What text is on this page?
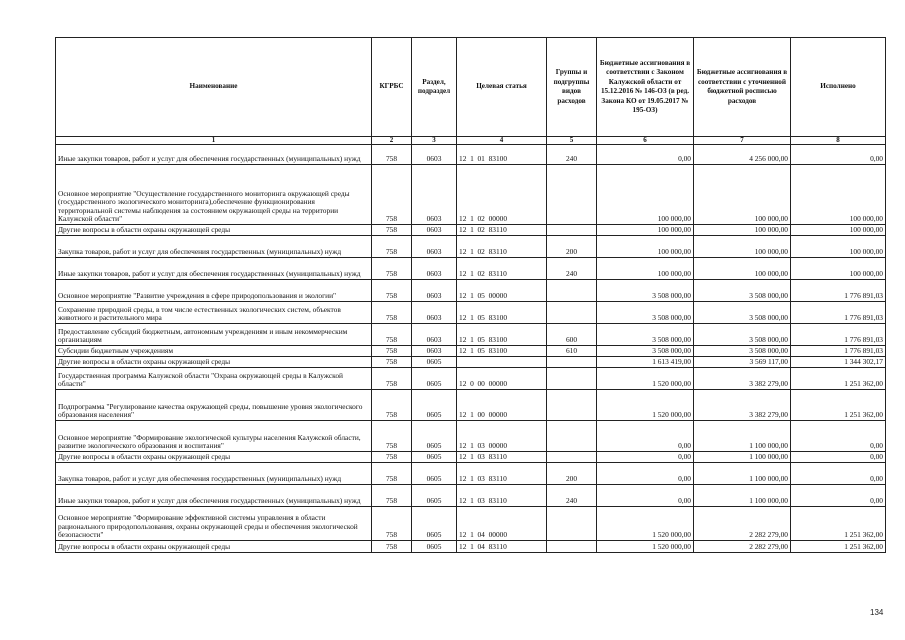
Наименование	КГРБС	Раздел, подраздел	Целевая статья	Группы и подгруппы видов расходов	Бюджетные ассигнования в соответствии с Законом Калужской области от 15.12.2016 № 146-ОЗ (в ред. Закона КО от 19.05.2017 № 195-ОЗ)	Бюджетные ассигнования в соответствии с уточненной бюджетной росписью расходов	Исполнено
1	2	3	4	5	6	7	8
Иные закупки товаров, работ и услуг для обеспечения государственных (муниципальных) нужд	758	0603	12  1  01  83100	240	0,00	4 256 000,00	0,00
Основное мероприятие "Осуществление государственного мониторинга окружающей среды (государственного экологического мониторинга),обеспечение функционирования территориальной системы наблюдения за состоянием окружающей среды на территории Калужской области"	758	0603	12  1  02  00000		100 000,00	100 000,00	100 000,00
Другие вопросы в области охраны окружающей среды	758	0603	12  1  02  83110		100 000,00	100 000,00	100 000,00
Закупка товаров, работ и услуг для обеспечения государственных (муниципальных) нужд	758	0603	12  1  02  83110	200	100 000,00	100 000,00	100 000,00
Иные закупки товаров, работ и услуг для обеспечения государственных (муниципальных) нужд	758	0603	12  1  02  83110	240	100 000,00	100 000,00	100 000,00
Основное мероприятие "Развитие учреждения в сфере природопользования и экологии"	758	0603	12  1  05  00000		3 508 000,00	3 508 000,00	1 776 891,03
Сохранение природной среды, в том числе естественных экологических систем, объектов животного и растительного мира	758	0603	12  1  05  83100		3 508 000,00	3 508 000,00	1 776 891,03
Предоставление субсидий бюджетным, автономным учреждениям и иным некоммерческим организациям	758	0603	12  1  05  83100	600	3 508 000,00	3 508 000,00	1 776 891,03
Субсидии бюджетным учреждениям	758	0603	12  1  05  83100	610	3 508 000,00	3 508 000,00	1 776 891,03
Другие вопросы в области охраны окружающей среды	758	0605			1 613 419,00	3 569 117,00	1 344 302,17
Государственная программа Калужской области "Охрана окружающей среды в Калужской области"	758	0605	12  0  00  00000		1 520 000,00	3 382 279,00	1 251 362,00
Подпрограмма "Регулирование качества окружающей среды, повышение уровня экологического образования населения"	758	0605	12  1  00  00000		1 520 000,00	3 382 279,00	1 251 362,00
Основное мероприятие "Формирование экологической культуры населения Калужской области, развитие экологического образования и воспитания"	758	0605	12  1  03  00000		0,00	1 100 000,00	0,00
Другие вопросы в области охраны окружающей среды	758	0605	12  1  03  83110		0,00	1 100 000,00	0,00
Закупка товаров, работ и услуг для обеспечения государственных (муниципальных) нужд	758	0605	12  1  03  83110	200	0,00	1 100 000,00	0,00
Иные закупки товаров, работ и услуг для обеспечения государственных (муниципальных) нужд	758	0605	12  1  03  83110	240	0,00	1 100 000,00	0,00
Основное мероприятие "Формирование эффективной системы управления в области рационального природопользования, охраны окружающей среды и обеспечения экологической безопасности"	758	0605	12  1  04  00000		1 520 000,00	2 282 279,00	1 251 362,00
Другие вопросы в области охраны окружающей среды	758	0605	12  1  04  83110		1 520 000,00	2 282 279,00	1 251 362,00
134
